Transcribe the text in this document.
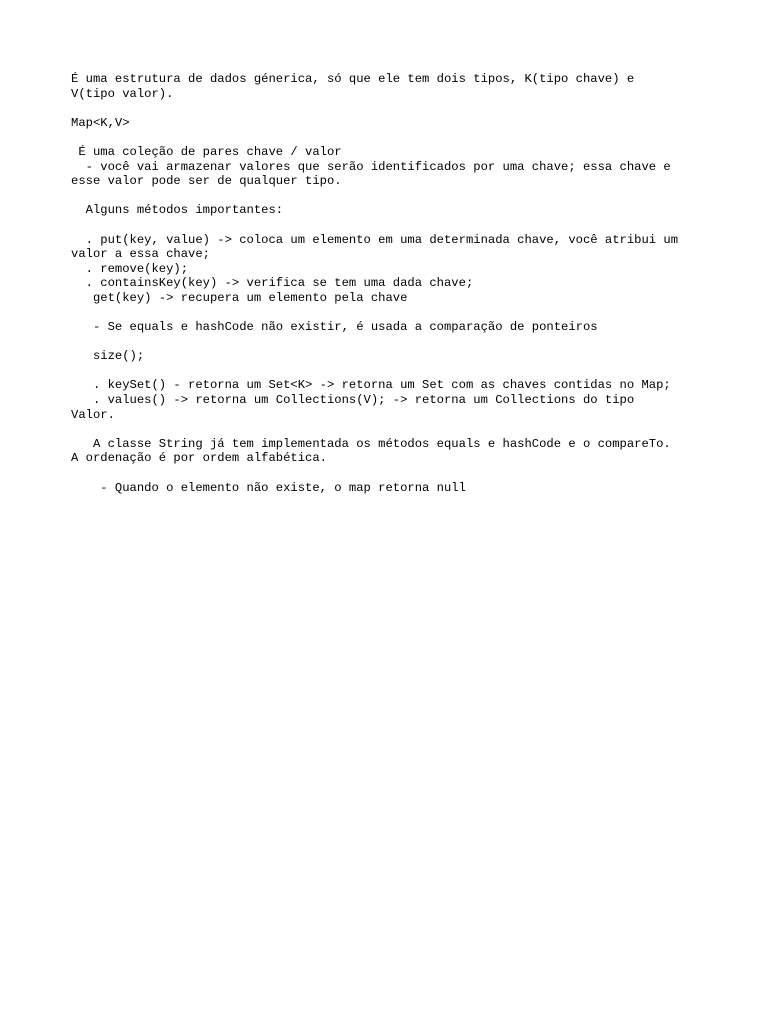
É uma estrutura de dados génerica, só que ele tem dois tipos, K(tipo chave) e
V(tipo valor).
Map<K,V>
É uma coleção de pares chave / valor
- você vai armazenar valores que serão identificados por uma chave; essa chave e
esse valor pode ser de qualquer tipo.
Alguns métodos importantes:
. put(key, value) -> coloca um elemento em uma determinada chave, você atribui um
valor a essa chave;
. remove(key);
. containsKey(key) -> verifica se tem uma dada chave;
get(key) -> recupera um elemento pela chave
- Se equals e hashCode não existir, é usada a comparação de ponteiros
size();
. keySet() - retorna um Set<K> -> retorna um Set com as chaves contidas no Map;
. values() -> retorna um Collections(V); -> retorna um Collections do tipo
Valor.
A classe String já tem implementada os métodos equals e hashCode e o compareTo.
A ordenação é por ordem alfabética.
- Quando o elemento não existe, o map retorna null
